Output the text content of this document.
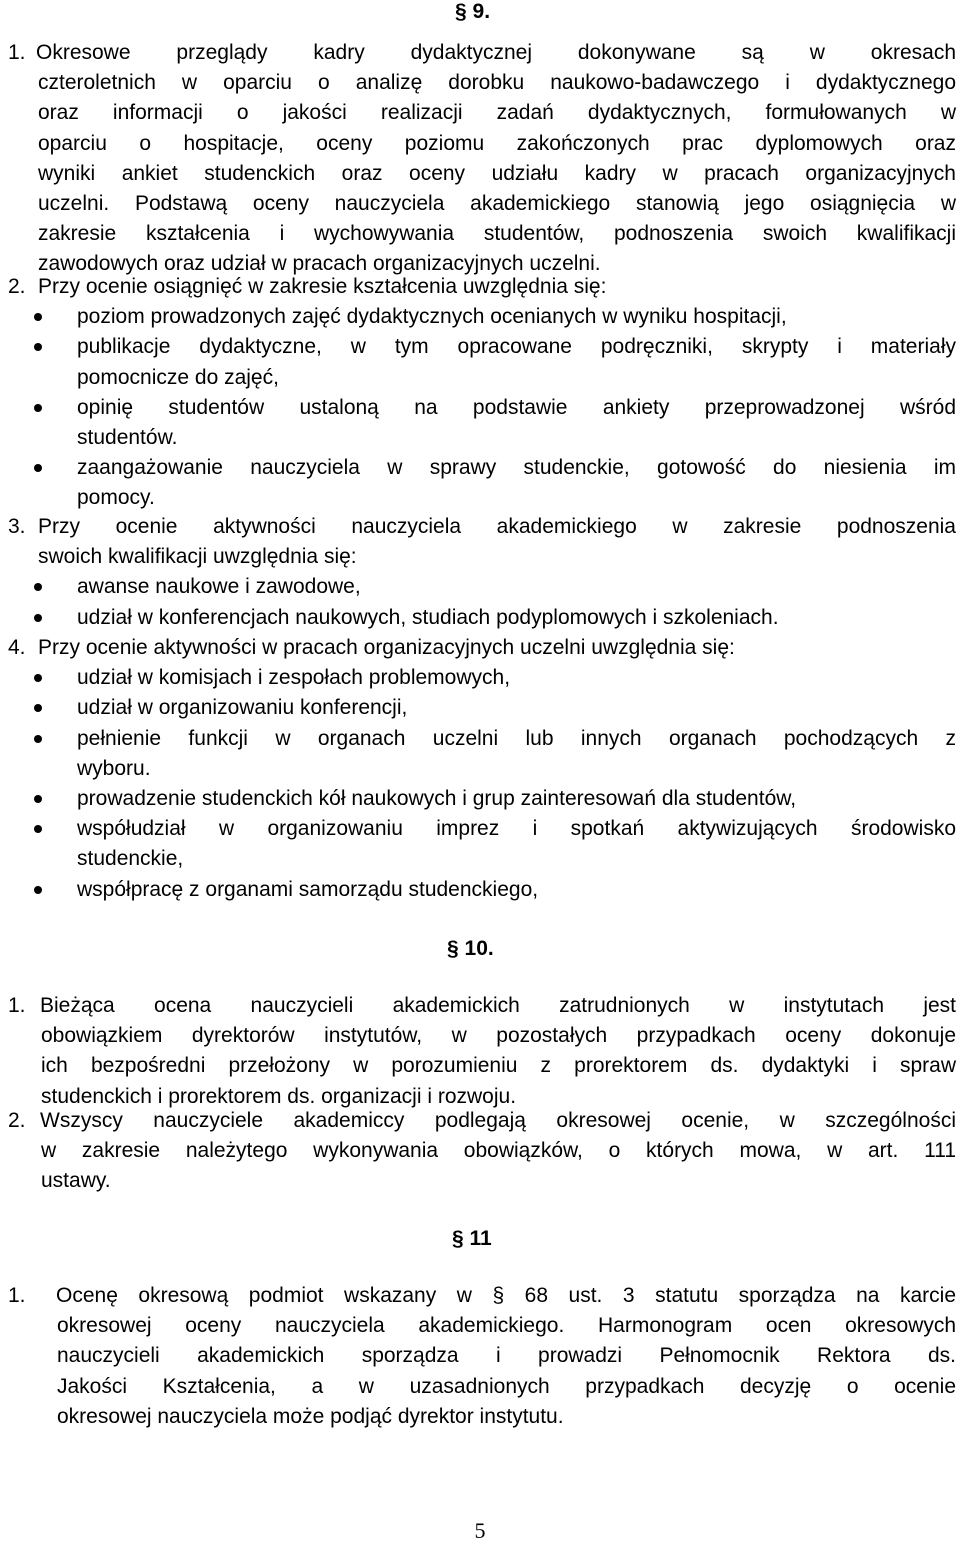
§ 9.
1. Okresowe przeglądy kadry dydaktycznej dokonywane są w okresach
czteroletnich w oparciu o analizę dorobku naukowo-badawczego i dydaktycznego
oraz informacji o jakości realizacji zadań dydaktycznych, formułowanych w
oparciu o hospitacje, oceny poziomu zakończonych prac dyplomowych oraz
wyniki ankiet studenckich oraz oceny udziału kadry w pracach organizacyjnych
uczelni. Podstawą oceny nauczyciela akademickiego stanowią jego osiągnięcia w
zakresie kształcenia i wychowywania studentów, podnoszenia swoich kwalifikacji
zawodowych oraz udział w pracach organizacyjnych uczelni.
2. Przy ocenie osiągnięć w zakresie kształcenia uwzględnia się:
poziom prowadzonych zajęć dydaktycznych ocenianych w wyniku hospitacji,
publikacje dydaktyczne, w tym opracowane podręczniki, skrypty i materiały
pomocnicze do zajęć,
opinię studentów ustaloną na podstawie ankiety przeprowadzonej wśród
studentów.
zaangażowanie nauczyciela w sprawy studenckie, gotowość do niesienia im
pomocy.
3. Przy ocenie aktywności nauczyciela akademickiego w zakresie podnoszenia
swoich kwalifikacji uwzględnia się:
awanse naukowe i zawodowe,
udział w konferencjach naukowych, studiach podyplomowych i szkoleniach.
4. Przy ocenie aktywności w pracach organizacyjnych uczelni uwzględnia się:
udział w komisjach i zespołach problemowych,
udział w organizowaniu konferencji,
pełnienie funkcji w organach uczelni lub innych organach pochodzących z
wyboru.
prowadzenie studenckich kół naukowych i grup zainteresowań dla studentów,
współudział w organizowaniu imprez i spotkań aktywizujących środowisko
studenckie,
współpracę z organami samorządu studenckiego,
§ 10.
1. Bieżąca ocena nauczycieli akademickich zatrudnionych w instytutach jest
obowiązkiem dyrektorów instytutów, w pozostałych przypadkach oceny dokonuje
ich bezpośredni przełożony w porozumieniu z prorektorem ds. dydaktyki i spraw
studenckich i prorektorem ds. organizacji i rozwoju.
2. Wszyscy nauczyciele akademiccy podlegają okresowej ocenie, w szczególności
w zakresie należytego wykonywania obowiązków, o których mowa, w art. 111
ustawy.
§ 11
1. Ocenę okresową podmiot wskazany w § 68 ust. 3 statutu sporządza na karcie
okresowej oceny nauczyciela akademickiego. Harmonogram ocen okresowych
nauczycieli akademickich sporządza i prowadzi Pełnomocnik Rektora ds.
Jakości Kształcenia, a w uzasadnionych przypadkach decyzję o ocenie
okresowej nauczyciela może podjąć dyrektor instytutu.
5
